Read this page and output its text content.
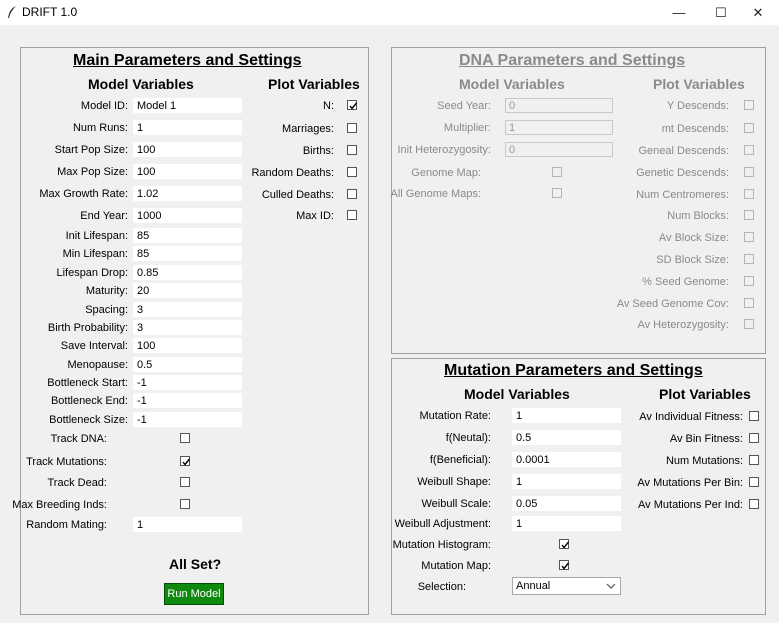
DRIFT 1.0	— ☐ ✕
Main Parameters and Settings
Model Variables	Plot Variables
Model ID: Model 1
Num Runs: 1
Start Pop Size: 100
Max Pop Size: 100
Max Growth Rate: 1.02
End Year: 1000
Init Lifespan: 85
Min Lifespan: 85
Lifespan Drop: 0.85
Maturity: 20
Spacing: 3
Birth Probability: 3
Save Interval: 100
Menopause: 0.5
Bottleneck Start: -1
Bottleneck End: -1
Bottleneck Size: -1
Track DNA:
Track Mutations:
Track Dead:
Max Breeding Inds:
Random Mating:	1
N:
Marriages:
Births:
Random Deaths:
Culled Deaths:
Max ID:
All Set?
Run Model
DNA Parameters and Settings
Model Variables	Plot Variables
Seed Year:	0
Multiplier:	1
Init Heterozygosity:	0
Genome Map:
All Genome Maps:
Y Descends:
mt Descends:
Geneal Descends:
Genetic Descends:
Num Centromeres:
Num Blocks:
Av Block Size:
SD Block Size:
% Seed Genome:
Av Seed Genome Cov:
Av Heterozygosity:
Mutation Parameters and Settings
Model Variables	Plot Variables
Mutation Rate:	1
f(Neutal):	0.5
f(Beneficial):	0.0001
Weibull Shape:	1
Weibull Scale:	0.05
Weibull Adjustment:	1
Mutation Histogram:
Mutation Map:
Selection:	Annual
Av Individual Fitness:
Av Bin Fitness:
Num Mutations:
Av Mutations Per Bin:
Av Mutations Per Ind:
